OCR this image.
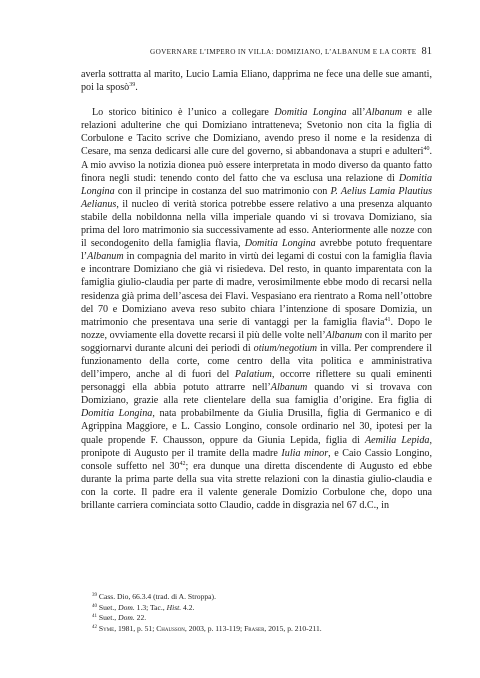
GOVERNARE L’IMPERO IN VILLA: DOMIZIANO, L’ALBANUM E LA CORTE 81

averla sottratta al marito, Lucio Lamia Eliano, dapprima ne fece una delle sue amanti, poi la sposò$^{39}$.

Lo storico bitinico è l’unico a collegare Domitia Longina all’Albanum e alle relazioni adulterine che qui Domiziano intratteneva; Svetonio non cita la figlia di Corbulone e Tacito scrive che Domiziano, avendo preso il nome e la residenza di Cesare, ma senza dedicarsi alle cure del governo, si abbandonava a stupri e adulteri$^{40}$. A mio avviso la notizia dionea può essere interpretata in modo diverso da quanto fatto finora negli studi: tenendo conto del fatto che va esclusa una relazione di Domitia Longina con il principe in costanza del suo matrimonio con P. Aelius Lamia Plautius Aelianus, il nucleo di verità storica potrebbe essere relativo a una presenza alquanto stabile della nobildonna nella villa imperiale quando vi si trovava Domiziano, sia prima del loro matrimonio sia successivamente ad esso. Anteriormente alle nozze con il secondogenito della famiglia flavia, Domitia Longina avrebbe potuto frequentare l’Albanum in compagnia del marito in virtù dei legami di costui con la famiglia flavia e incontrare Domiziano che già vi risiedeva. Del resto, in quanto imparentata con la famiglia giulio-claudia per parte di madre, verosimilmente ebbe modo di recarsi nella residenza già prima dell’ascesa dei Flavi. Vespasiano era rientrato a Roma nell’ottobre del 70 e Domiziano aveva reso subito chiara l’intenzione di sposare Domizia, un matrimonio che presentava una serie di vantaggi per la famiglia flavia$^{41}$. Dopo le nozze, ovviamente ella dovette recarsi il più delle volte nell’Albanum con il marito per soggiornarvi durante alcuni dei periodi di otium/negotium in villa. Per comprendere il funzionamento della corte, come centro della vita politica e amministrativa dell’impero, anche al di fuori del Palatium, occorre riflettere su quali eminenti personaggi ella abbia potuto attrarre nell’Albanum quando vi si trovava con Domiziano, grazie alla rete clientelare della sua famiglia d’origine. Era figlia di Domitia Longina, nata probabilmente da Giulia Drusilla, figlia di Germanico e di Agrippina Maggiore, e L. Cassio Longino, console ordinario nel 30, ipotesi per la quale propende F. Chausson, oppure da Giunia Lepida, figlia di Aemilia Lepida, pronipote di Augusto per il tramite della madre Iulia minor, e Caio Cassio Longino, console suffetto nel $30^{42}$; era dunque una diretta discendente di Augusto ed ebbe durante la prima parte della sua vita strette relazioni con la dinastia giulio-claudia e con la corte. Il padre era il valente generale Domizio Corbulone che, dopo una brillante carriera cominciata sotto Claudio, cadde in disgrazia nel 67 d.C., in

$^{39}$ Cass. Dio, 66.3.4 (trad. di A. Stroppa).
$^{40}$ Suet., Dom. 1.3; Tac., Hist. 4.2.
$^{41}$ Suet., Dom. 22.
$^{42}$ Syme, 1981, p. 51; Chausson, 2003, p. 113-119; Fraser, 2015, p. 210-211.
